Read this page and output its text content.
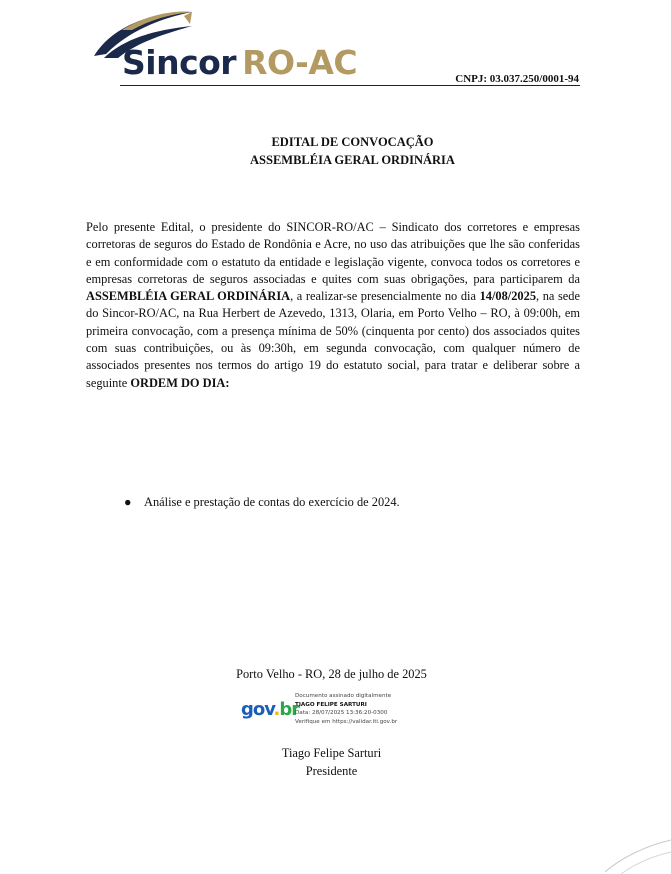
Sincor RO-AC	CNPJ: 03.037.250/0001-94
EDITAL DE CONVOCAÇÃO
ASSEMBLÉIA GERAL ORDINÁRIA

Pelo presente Edital, o presidente do SINCOR-RO/AC – Sindicato dos corretores e empresas corretoras de seguros do Estado de Rondônia e Acre, no uso das atribuições que lhe são conferidas e em conformidade com o estatuto da entidade e legislação vigente, convoca todos os corretores e empresas corretoras de seguros associadas e quites com suas obrigações, para participarem da ASSEMBLÉIA GERAL ORDINÁRIA, a realizar-se presencialmente no dia 14/08/2025, na sede do Sincor-RO/AC, na Rua Herbert de Azevedo, 1313, Olaria, em Porto Velho – RO, à 09:00h, em primeira convocação, com a presença mínima de 50% (cinquenta por cento) dos associados quites com suas contribuições, ou às 09:30h, em segunda convocação, com qualquer número de associados presentes nos termos do artigo 19 do estatuto social, para tratar e deliberar sobre a seguinte ORDEM DO DIA:

● Análise e prestação de contas do exercício de 2024.
Porto Velho - RO, 28 de julho de 2025
gov.br
Documento assinado digitalmente
TIAGO FELIPE SARTURI
Data: 28/07/2025 13:36:20-0300
Verifique em https://validar.iti.gov.br
Tiago Felipe Sarturi
Presidente
